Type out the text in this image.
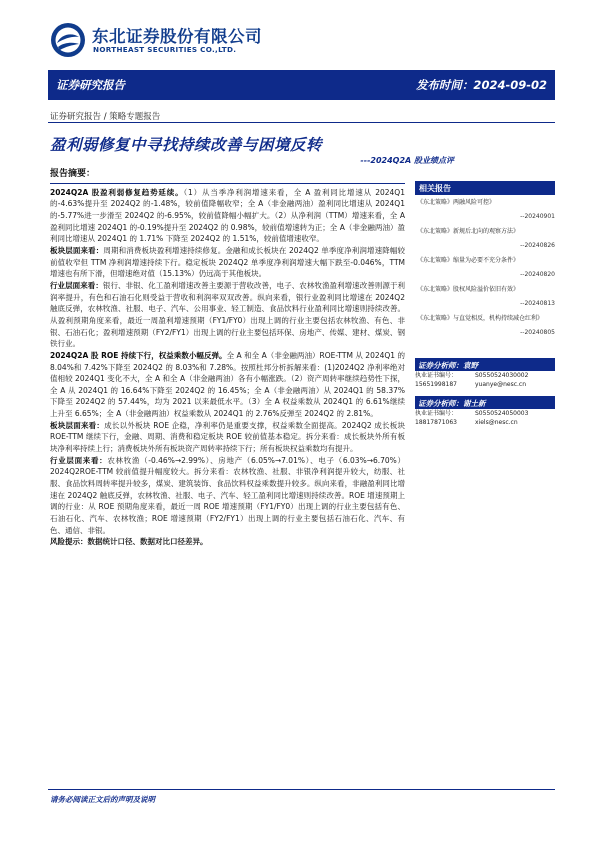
东北证券股份有限公司
NORTHEAST SECURITIES CO.,LTD.
证券研究报告	发布时间：2024-09-02
证券研究报告 / 策略专题报告
盈利弱修复中寻找持续改善与困境反转
---2024Q2A 股业绩点评
报告摘要：
2024Q2A 股盈利弱修复趋势延续。（1）从当季净利润增速来看，全 A 盈利同比增速从 2024Q1 的-4.63%提升至 2024Q2 的-1.48%，较前值降幅收窄；全 A（非金融两油）盈利同比增速从 2024Q1 的-5.77%进一步滑至 2024Q2 的-6.95%，较前值降幅小幅扩大。（2）从净利润（TTM）增速来看，全 A 盈利同比增速 2024Q1 的-0.19%提升至 2024Q2 的 0.98%，较前值增速转为正；全 A（非金融两油）盈利同比增速从 2024Q1 的 1.71% 下降至 2024Q2 的 1.51%，较前值增速收窄。
板块层面来看：周期和消费板块盈利增速持续修复。金融和成长板块在 2024Q2 单季度净利润增速降幅较前值收窄但 TTM 净利润增速持续下行。稳定板块 2024Q2 单季度净利润增速大幅下跌至-0.046%，TTM 增速也有所下滑，但增速绝对值（15.13%）仍远高于其他板块。
行业层面来看：银行、非银、化工盈利增速改善主要源于营收改善，电子、农林牧渔盈利增速改善则源于利润率提升，有色和石油石化则受益于营收和利润率双双改善。纵向来看，银行业盈利同比增速在 2024Q2 触底反弹，农林牧渔、社服、电子、汽车、公用事业、轻工制造、食品饮料行业盈利同比增速则持续改善。从盈利预期角度来看，最近一周盈利增速预期（FY1/FY0）出现上调的行业主要包括农林牧渔、有色、非银、石油石化；盈利增速预期（FY2/FY1）出现上调的行业主要包括环保、房地产、传媒、建材、煤炭、钢铁行业。
2024Q2A 股 ROE 持续下行，权益乘数小幅反弹。全 A 和全 A（非金融两油）ROE-TTM 从 2024Q1 的 8.04%和 7.42%下降至 2024Q2 的 8.03%和 7.28%。按照杜邦分析拆解来看：(1)2024Q2 净利率绝对值相较 2024Q1 变化不大，全 A 和全 A（非金融两油）各有小幅涨跌。（2）资产周转率继续趋势性下探，全 A 从 2024Q1 的 16.64%下降至 2024Q2 的 16.45%；全 A（非金融两油）从 2024Q1 的 58.37%下降至 2024Q2 的 57.44%，均为 2021 以来最低水平。（3）全 A 权益乘数从 2024Q1 的 6.61%继续上升至 6.65%；全 A（非金融两油）权益乘数从 2024Q1 的 2.76%反弹至 2024Q2 的 2.81%。
板块层面来看：成长以外板块 ROE 企稳，净利率仍是重要支撑，权益乘数全面提高。2024Q2 成长板块 ROE-TTM 继续下行，金融、周期、消费和稳定板块 ROE 较前值基本稳定。拆分来看：成长板块外所有板块净利率持续上行；消费板块外所有板块资产周转率持续下行；所有板块权益乘数均有提升。
行业层面来看：农林牧渔（-0.46%→2.99%）、房地产（6.05%→7.01%）、电子（6.03%→6.70%）2024Q2ROE-TTM 较前值提升幅度较大。拆分来看：农林牧渔、社服、非银净利润提升较大，纺服、社服、食品饮料周转率提升较多，煤炭、建筑装饰、食品饮料权益乘数提升较多。纵向来看，非融盈利同比增速在 2024Q2 触底反弹，农林牧渔、社服、电子、汽车、轻工盈利同比增速则持续改善。ROE 增速预期上调的行业：从 ROE 预期角度来看，最近一周 ROE 增速预期（FY1/FY0）出现上调的行业主要包括有色、石油石化、汽车、农林牧渔；ROE 增速预期（FY2/FY1）出现上调的行业主要包括石油石化、汽车、有色、通信、非银。
风险提示：数据统计口径、数据对比口径差异。
相关报告
《东北策略》两融风险可控》
--20240901
《东北策略》新规后北向的观察方法》
--20240826
《东北策略》缩量为必要不充分条件》
--20240820
《东北策略》股权风险溢价依旧有效》
--20240813
《东北策略》与直觉相反，机构持续减仓红利》
--20240805
证券分析师：袁野
执业证书编号：	S0550524030002
15651998187	yuanye@nesc.cn
证券分析师：谢土新
执业证书编号：	S0550524050003
18817871063	xiels@nesc.cn
请务必阅读正文后的声明及说明
